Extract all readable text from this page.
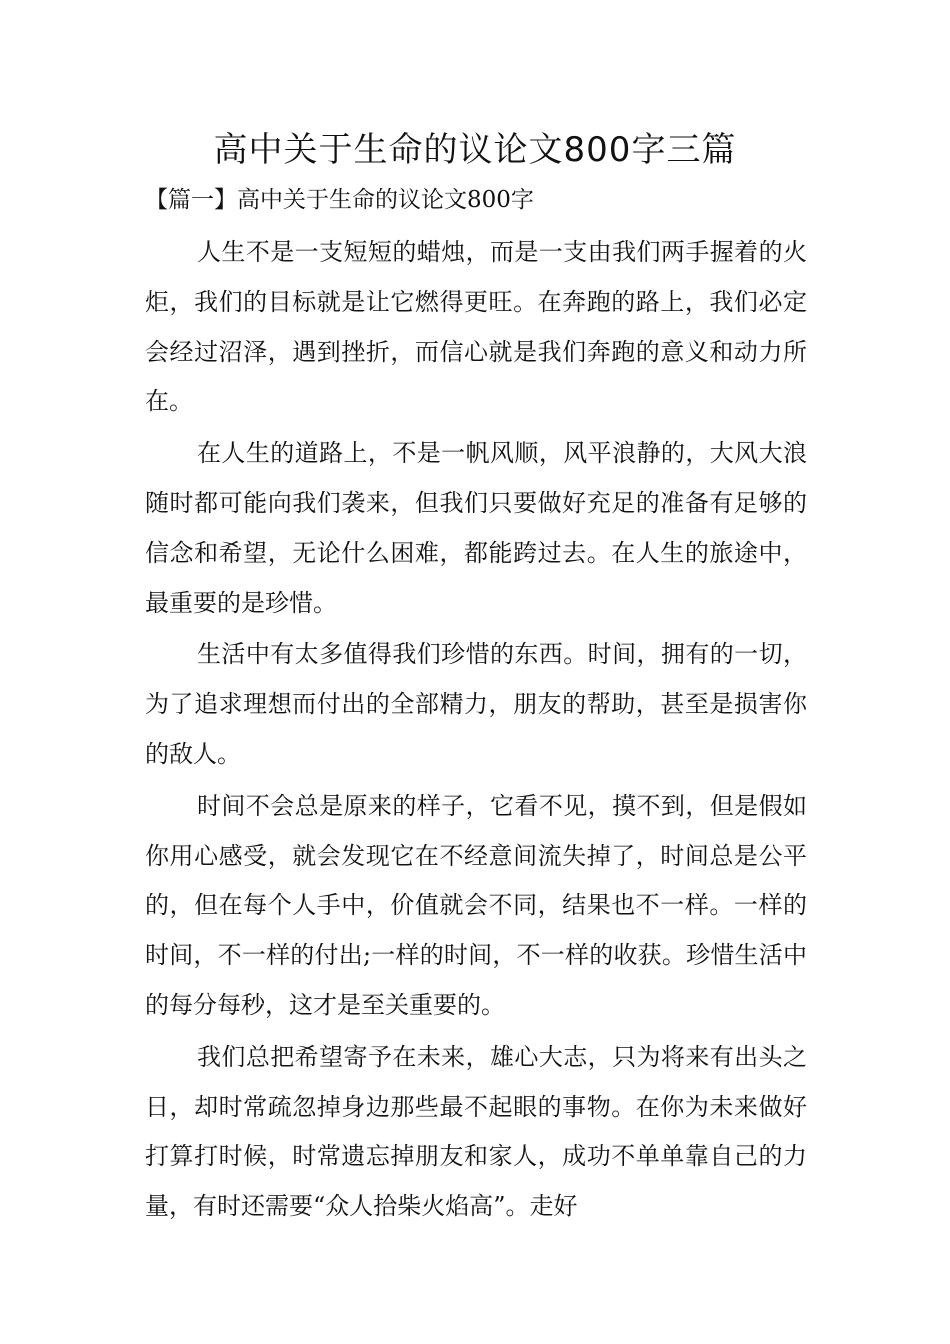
高中关于生命的议论文800字三篇

【篇一】高中关于生命的议论文800字

人生不是一支短短的蜡烛，而是一支由我们两手握着的火炬，我们的目标就是让它燃得更旺。在奔跑的路上，我们必定会经过沼泽，遇到挫折，而信心就是我们奔跑的意义和动力所在。

在人生的道路上，不是一帆风顺，风平浪静的，大风大浪随时都可能向我们袭来，但我们只要做好充足的准备有足够的信念和希望，无论什么困难，都能跨过去。在人生的旅途中，最重要的是珍惜。

生活中有太多值得我们珍惜的东西。时间，拥有的一切，为了追求理想而付出的全部精力，朋友的帮助，甚至是损害你的敌人。

时间不会总是原来的样子，它看不见，摸不到，但是假如你用心感受，就会发现它在不经意间流失掉了，时间总是公平的，但在每个人手中，价值就会不同，结果也不一样。一样的时间，不一样的付出;一样的时间，不一样的收获。珍惜生活中的每分每秒，这才是至关重要的。

我们总把希望寄予在未来，雄心大志，只为将来有出头之日，却时常疏忽掉身边那些最不起眼的事物。在你为未来做好打算打时候，时常遗忘掉朋友和家人，成功不单单靠自己的力量，有时还需要“众人拾柴火焰高”。走好
